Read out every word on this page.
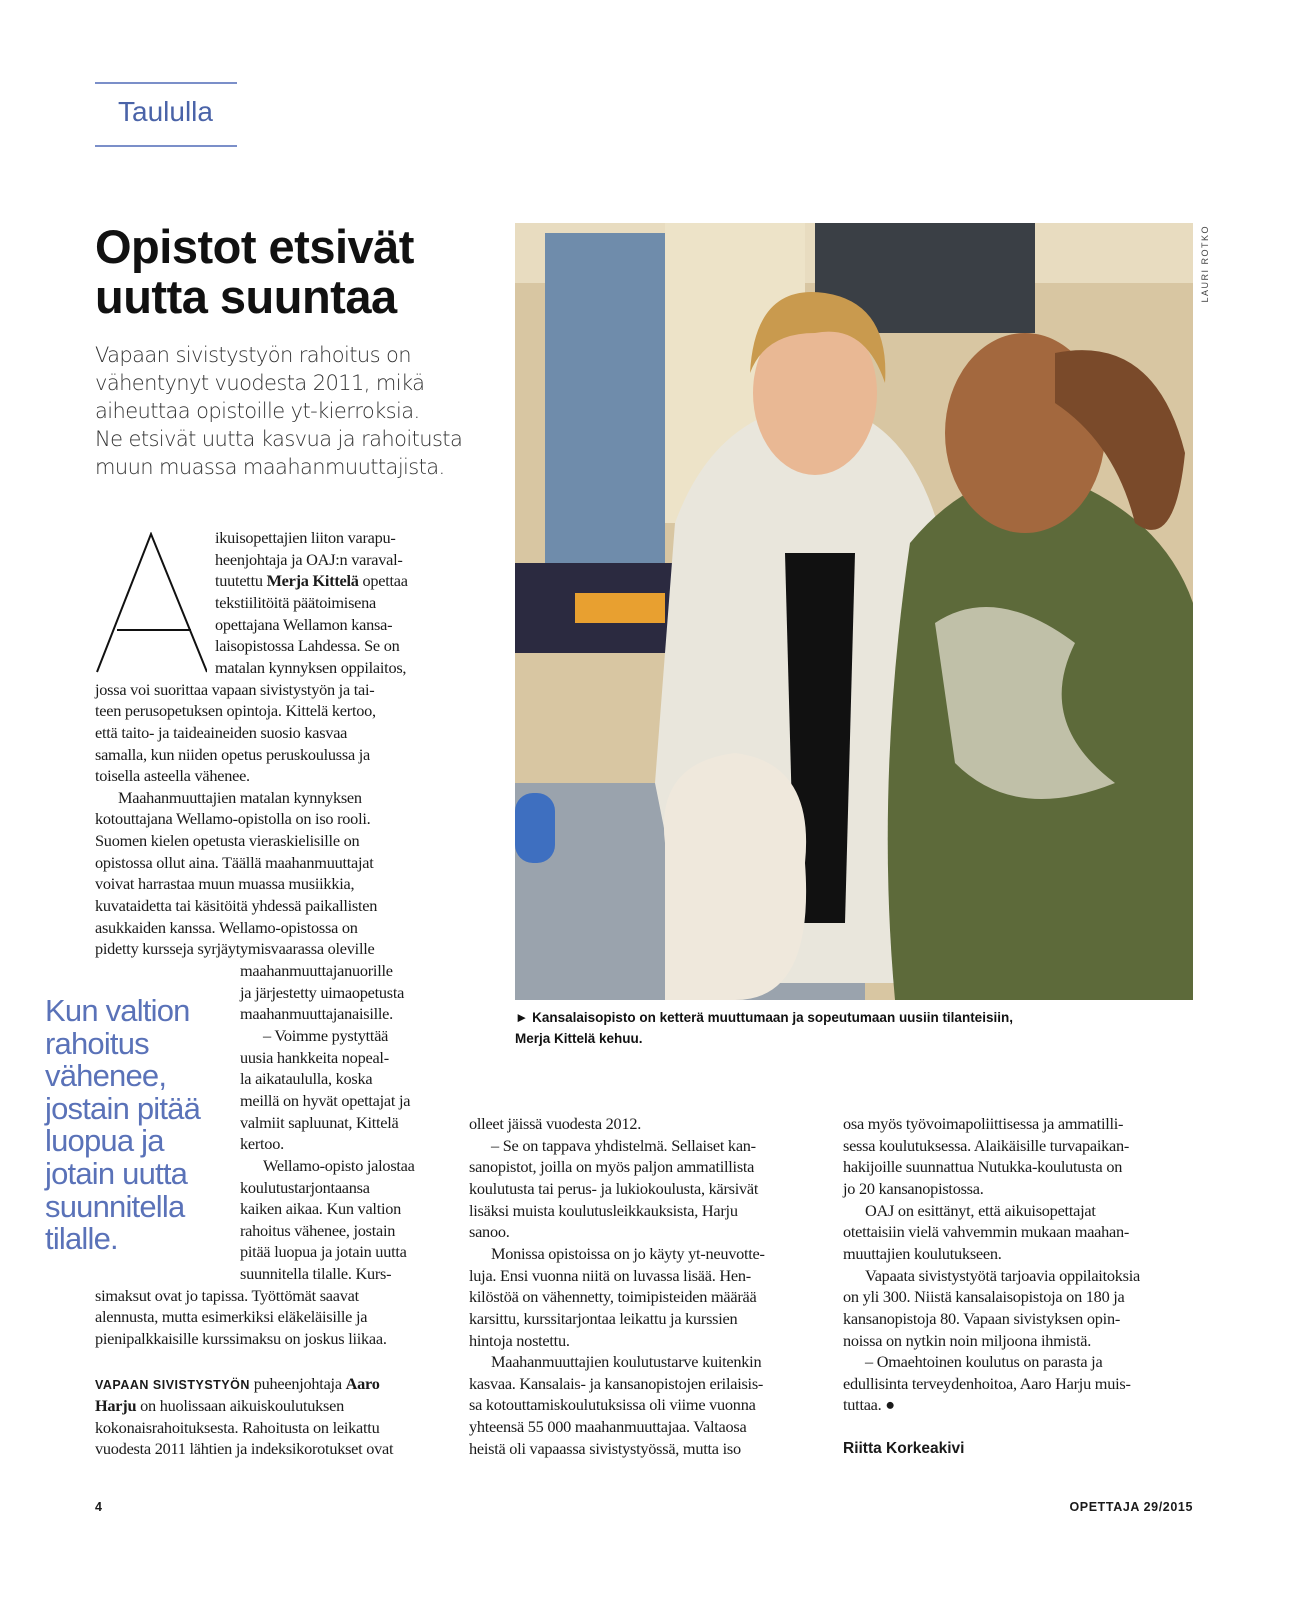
Taululla
Opistot etsivät
uutta suuntaa
Vapaan sivistystyön rahoitus on
vähentynyt vuodesta 2011, mikä
aiheuttaa opistoille yt-kierroksia.
Ne etsivät uutta kasvua ja rahoitusta
muun muassa maahanmuuttajista.
ikuisopettajien liiton varapu-
heenjohtaja ja OAJ:n varaval-
tuutettu Merja Kittelä opettaa
tekstiilitöitä päätoimisena
opettajana Wellamon kansa-
laisopistossa Lahdessa. Se on
matalan kynnyksen oppilaitos,
jossa voi suorittaa vapaan sivistystyön ja tai-
teen perusopetuksen opintoja. Kittelä kertoo,
että taito- ja taideaineiden suosio kasvaa
samalla, kun niiden opetus peruskoulussa ja
toisella asteella vähenee.
Maahanmuuttajien matalan kynnyksen
kotouttajana Wellamo-opistolla on iso rooli.
Suomen kielen opetusta vieraskielisille on
opistossa ollut aina. Täällä maahanmuuttajat
voivat harrastaa muun muassa musiikkia,
kuvataidetta tai käsitöitä yhdessä paikallisten
asukkaiden kanssa. Wellamo-opistossa on
pidetty kursseja syrjäytymisvaarassa oleville
maahanmuuttajanuorille
ja järjestetty uimaopetusta
maahanmuuttajanaisille.
– Voimme pystyttää
uusia hankkeita nopeal-
la aikataululla, koska
meillä on hyvät opettajat ja
valmiit sapluunat, Kittelä
kertoo.
Wellamo-opisto jalostaa
koulutustarjontaansa
kaiken aikaa. Kun valtion
rahoitus vähenee, jostain
pitää luopua ja jotain uutta
suunnitella tilalle. Kurs-
simaksut ovat jo tapissa. Työttömät saavat
alennusta, mutta esimerkiksi eläkeläisille ja
pienipalkkaisille kurssimaksu on joskus liikaa.
VAPAAN SIVISTYSTYÖN puheenjohtaja Aaro
Harju on huolissaan aikuiskoulutuksen
kokonaisrahoituksesta. Rahoitusta on leikattu
vuodesta 2011 lähtien ja indeksikorotukset ovat
olleet jäissä vuodesta 2012.
– Se on tappava yhdistelmä. Sellaiset kan-
sanopistot, joilla on myös paljon ammatillista
koulutusta tai perus- ja lukiokoulusta, kärsivät
lisäksi muista koulutusleikkauksista, Harju
sanoo.
Monissa opistoissa on jo käyty yt-neuvotte-
luja. Ensi vuonna niitä on luvassa lisää. Hen-
kilöstöä on vähennetty, toimipisteiden määrää
karsittu, kurssitarjontaa leikattu ja kurssien
hintoja nostettu.
Maahanmuuttajien koulutustarve kuitenkin
kasvaa. Kansalais- ja kansanopistojen erilaisis-
sa kotouttamiskoulutuksissa oli viime vuonna
yhteensä 55 000 maahanmuuttajaa. Valtaosa
heistä oli vapaassa sivistystyössä, mutta iso
osa myös työvoimapoliittisessa ja ammatilli-
sessa koulutuksessa. Alaikäisille turvapaikan-
hakijoille suunnattua Nutukka-koulutusta on
jo 20 kansanopistossa.
OAJ on esittänyt, että aikuisopettajat
otettaisiin vielä vahvemmin mukaan maahan-
muuttajien koulutukseen.
Vapaata sivistystyötä tarjoavia oppilaitoksia
on yli 300. Niistä kansalaisopistoja on 180 ja
kansanopistoja 80. Vapaan sivistyksen opin-
noissa on nytkin noin miljoona ihmistä.
– Omaehtoinen koulutus on parasta ja
edullisinta terveydenhoitoa, Aaro Harju muis-
tuttaa. ●
Kun valtion
rahoitus
vähenee,
jostain pitää
luopua ja
jotain uutta
suunnitella
tilalle.
LAURI ROTKO
► Kansalaisopisto on ketterä muuttumaan ja sopeutumaan uusiin tilanteisiin,
Merja Kittelä kehuu.
Riitta Korkeakivi
4	OPETTAJA 29/2015
